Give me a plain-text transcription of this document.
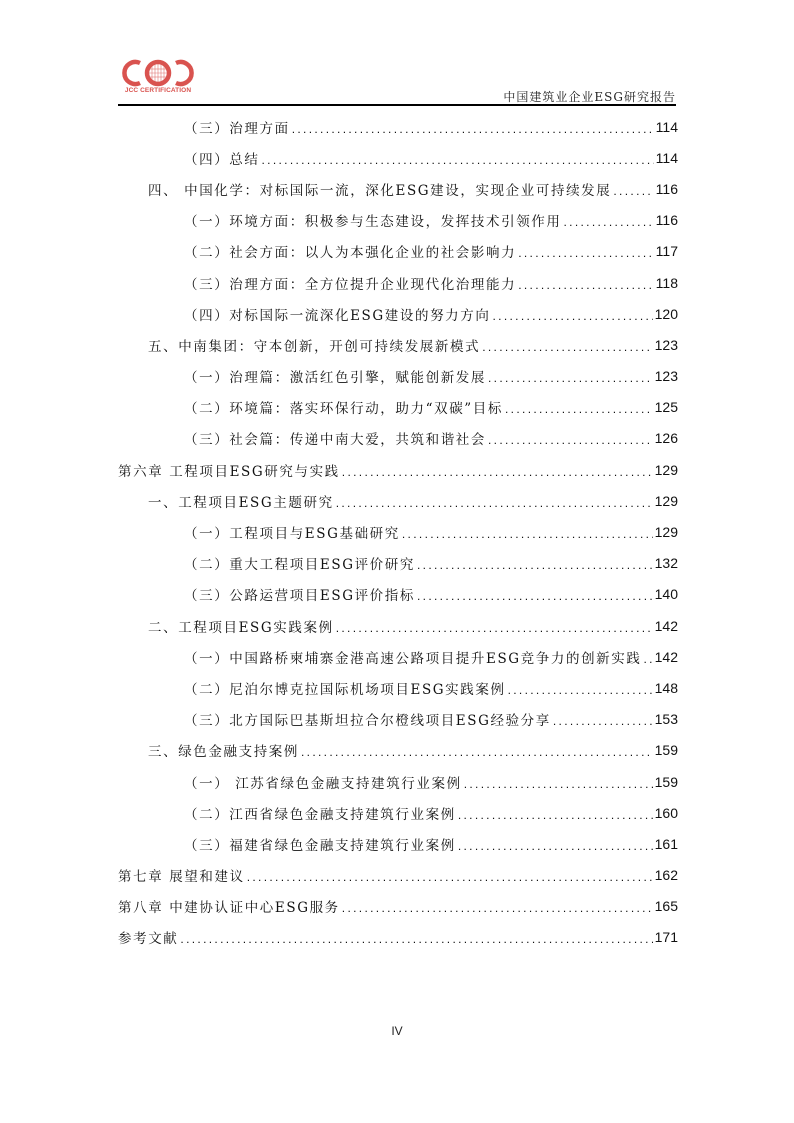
JCC CERTIFICATION	中国建筑业企业ESG研究报告
（三）治理方面 . . .	114
（四）总结 . . .	114
四、 中国化学：对标国际一流，深化ESG建设，实现企业可持续发展 . . .	116
（一）环境方面：积极参与生态建设，发挥技术引领作用 . . .	116
（二）社会方面：以人为本强化企业的社会影响力 . . .	117
（三）治理方面：全方位提升企业现代化治理能力 . . .	118
（四）对标国际一流深化ESG建设的努力方向 . . .	120
五、中南集团：守本创新，开创可持续发展新模式 . . .	123
（一）治理篇：激活红色引擎，赋能创新发展 . . .	123
（二）环境篇：落实环保行动，助力“双碳”目标 . . .	125
（三）社会篇：传递中南大爱，共筑和谐社会 . . .	126
第六章 工程项目ESG研究与实践 . . .	129
一、工程项目ESG主题研究 . . .	129
（一）工程项目与ESG基础研究 . . .	129
（二）重大工程项目ESG评价研究 . . .	132
（三）公路运营项目ESG评价指标 . . .	140
二、工程项目ESG实践案例 . . .	142
（一）中国路桥柬埔寨金港高速公路项目提升ESG竞争力的创新实践 . . . 142
（二）尼泊尔博克拉国际机场项目ESG实践案例 . . .	148
（三）北方国际巴基斯坦拉合尔橙线项目ESG经验分享 . . .	153
三、绿色金融支持案例 . . .	159
（一） 江苏省绿色金融支持建筑行业案例 . . .	159
（二）江西省绿色金融支持建筑行业案例 . . .	160
（三）福建省绿色金融支持建筑行业案例 . . .	161
第七章 展望和建议 . . .	162
第八章 中建协认证中心ESG服务 . . .	165
参考文献 . . .	171
IV
